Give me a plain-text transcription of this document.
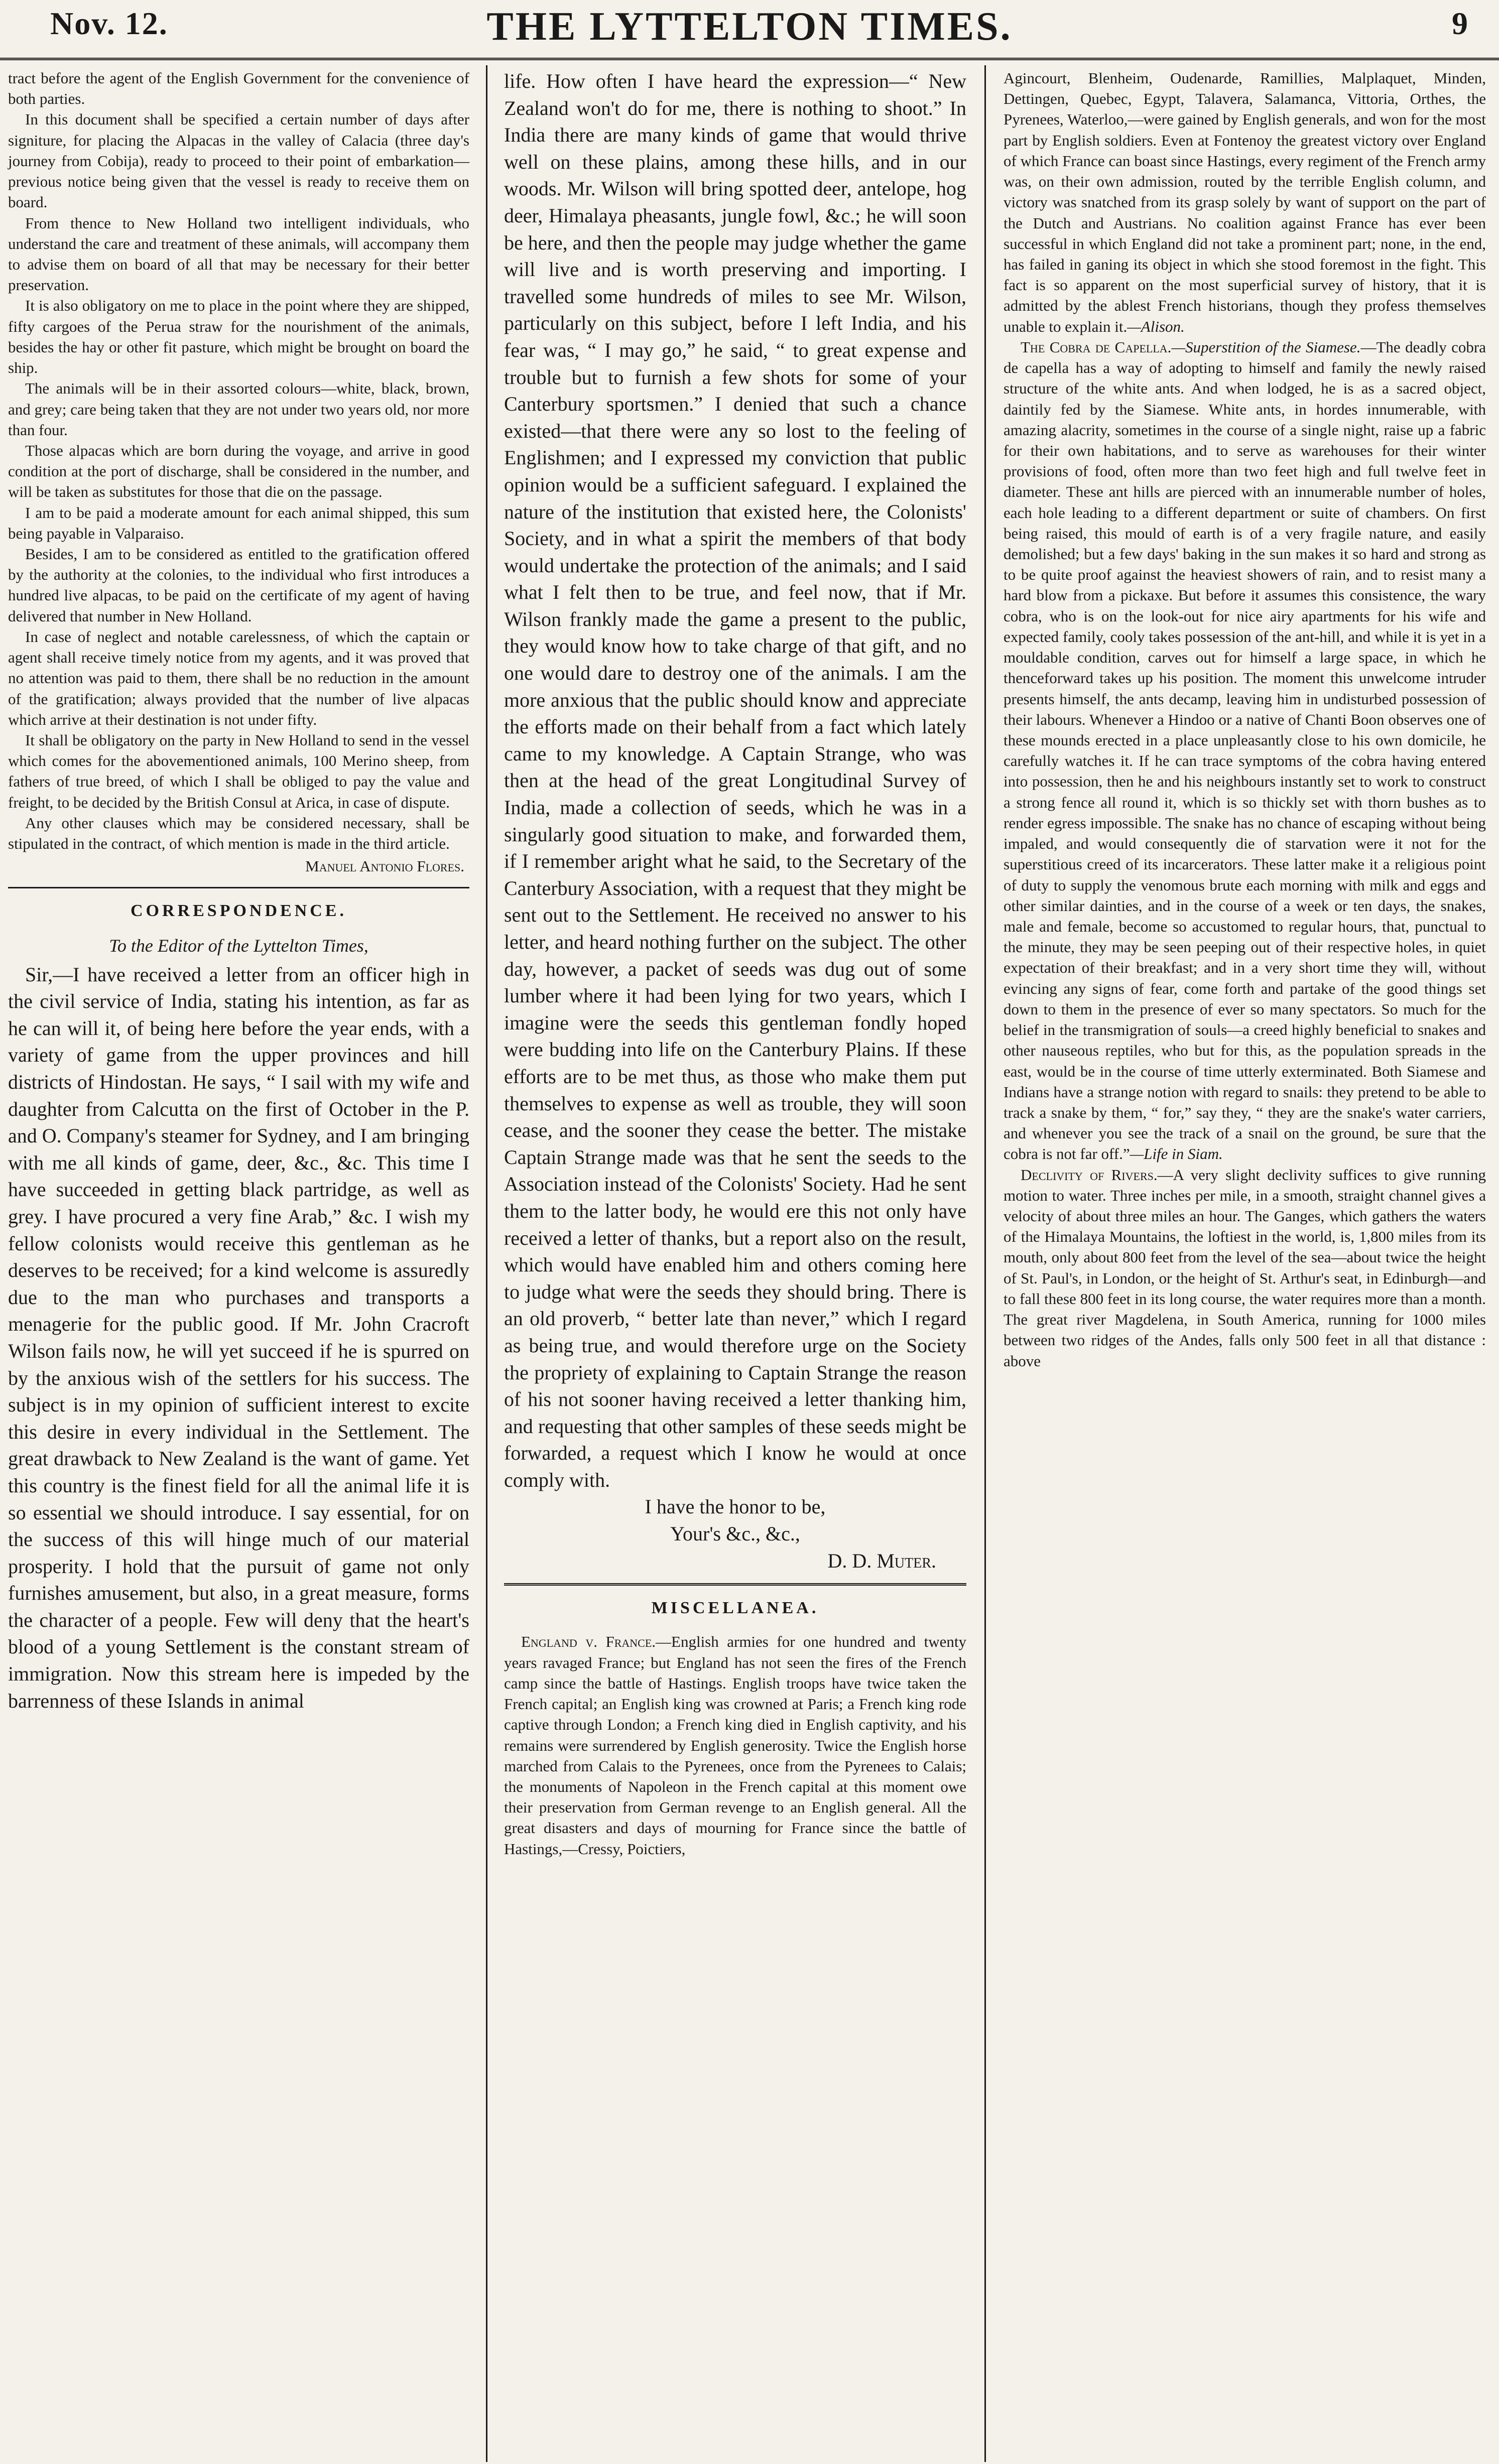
Nov. 12.	THE LYTTELTON TIMES.	9

tract before the agent of the English Government for the convenience of both parties.

In this document shall be specified a certain number of days after signiture, for placing the Alpacas in the valley of Calacia (three day's journey from Cobija), ready to proceed to their point of embarkation—previous notice being given that the vessel is ready to receive them on board.

From thence to New Holland two intelligent individuals, who understand the care and treatment of these animals, will accompany them to advise them on board of all that may be necessary for their better preservation.

It is also obligatory on me to place in the point where they are shipped, fifty cargoes of the Perua straw for the nourishment of the animals, besides the hay or other fit pasture, which might be brought on board the ship.

The animals will be in their assorted colours—white, black, brown, and grey; care being taken that they are not under two years old, nor more than four.

Those alpacas which are born during the voyage, and arrive in good condition at the port of discharge, shall be considered in the number, and will be taken as substitutes for those that die on the passage.

I am to be paid a moderate amount for each animal shipped, this sum being payable in Valparaiso.

Besides, I am to be considered as entitled to the gratification offered by the authority at the colonies, to the individual who first introduces a hundred live alpacas, to be paid on the certificate of my agent of having delivered that number in New Holland.

In case of neglect and notable carelessness, of which the captain or agent shall receive timely notice from my agents, and it was proved that no attention was paid to them, there shall be no reduction in the amount of the gratification; always provided that the number of live alpacas which arrive at their destination is not under fifty.

It shall be obligatory on the party in New Holland to send in the vessel which comes for the abovementioned animals, 100 Merino sheep, from fathers of true breed, of which I shall be obliged to pay the value and freight, to be decided by the British Consul at Arica, in case of dispute.

Any other clauses which may be considered necessary, shall be stipulated in the contract, of which mention is made in the third article.

Manuel Antonio Flores.

CORRESPONDENCE.

To the Editor of the Lyttelton Times,

Sir,—I have received a letter from an officer high in the civil service of India, stating his intention, as far as he can will it, of being here before the year ends, with a variety of game from the upper provinces and hill districts of Hindostan. He says, “ I sail with my wife and daughter from Calcutta on the first of October in the P. and O. Company's steamer for Sydney, and I am bringing with me all kinds of game, deer, &c., &c. This time I have succeeded in getting black partridge, as well as grey. I have procured a very fine Arab,” &c. I wish my fellow colonists would receive this gentleman as he deserves to be received; for a kind welcome is assuredly due to the man who purchases and transports a menagerie for the public good. If Mr. John Cracroft Wilson fails now, he will yet succeed if he is spurred on by the anxious wish of the settlers for his success. The subject is in my opinion of sufficient interest to excite this desire in every individual in the Settlement. The great drawback to New Zealand is the want of game. Yet this country is the finest field for all the animal life it is so essential we should introduce. I say essential, for on the success of this will hinge much of our material prosperity. I hold that the pursuit of game not only furnishes amusement, but also, in a great measure, forms the character of a people. Few will deny that the heart's blood of a young Settlement is the constant stream of immigration. Now this stream here is impeded by the barrenness of these Islands in animal

life. How often I have heard the expression—“ New Zealand won't do for me, there is nothing to shoot.” In India there are many kinds of game that would thrive well on these plains, among these hills, and in our woods. Mr. Wilson will bring spotted deer, antelope, hog deer, Himalaya pheasants, jungle fowl, &c.; he will soon be here, and then the people may judge whether the game will live and is worth preserving and importing. I travelled some hundreds of miles to see Mr. Wilson, particularly on this subject, before I left India, and his fear was, “ I may go,” he said, “ to great expense and trouble but to furnish a few shots for some of your Canterbury sportsmen.” I denied that such a chance existed—that there were any so lost to the feeling of Englishmen; and I expressed my conviction that public opinion would be a sufficient safeguard. I explained the nature of the institution that existed here, the Colonists' Society, and in what a spirit the members of that body would undertake the protection of the animals; and I said what I felt then to be true, and feel now, that if Mr. Wilson frankly made the game a present to the public, they would know how to take charge of that gift, and no one would dare to destroy one of the animals. I am the more anxious that the public should know and appreciate the efforts made on their behalf from a fact which lately came to my knowledge. A Captain Strange, who was then at the head of the great Longitudinal Survey of India, made a collection of seeds, which he was in a singularly good situation to make, and forwarded them, if I remember aright what he said, to the Secretary of the Canterbury Association, with a request that they might be sent out to the Settlement. He received no answer to his letter, and heard nothing further on the subject. The other day, however, a packet of seeds was dug out of some lumber where it had been lying for two years, which I imagine were the seeds this gentleman fondly hoped were budding into life on the Canterbury Plains. If these efforts are to be met thus, as those who make them put themselves to expense as well as trouble, they will soon cease, and the sooner they cease the better. The mistake Captain Strange made was that he sent the seeds to the Association instead of the Colonists' Society. Had he sent them to the latter body, he would ere this not only have received a letter of thanks, but a report also on the result, which would have enabled him and others coming here to judge what were the seeds they should bring. There is an old proverb, “ better late than never,” which I regard as being true, and would therefore urge on the Society the propriety of explaining to Captain Strange the reason of his not sooner having received a letter thanking him, and requesting that other samples of these seeds might be forwarded, a request which I know he would at once comply with.

I have the honor to be,

Your's &c., &c.,

D. D. Muter.

MISCELLANEA.

England v. France.—English armies for one hundred and twenty years ravaged France; but England has not seen the fires of the French camp since the battle of Hastings. English troops have twice taken the French capital; an English king was crowned at Paris; a French king rode captive through London; a French king died in English captivity, and his remains were surrendered by English generosity. Twice the English horse marched from Calais to the Pyrenees, once from the Pyrenees to Calais; the monuments of Napoleon in the French capital at this moment owe their preservation from German revenge to an English general. All the great disasters and days of mourning for France since the battle of Hastings,—Cressy, Poictiers,

Agincourt, Blenheim, Oudenarde, Ramillies, Malplaquet, Minden, Dettingen, Quebec, Egypt, Talavera, Salamanca, Vittoria, Orthes, the Pyrenees, Waterloo,—were gained by English generals, and won for the most part by English soldiers. Even at Fontenoy the greatest victory over England of which France can boast since Hastings, every regiment of the French army was, on their own admission, routed by the terrible English column, and victory was snatched from its grasp solely by want of support on the part of the Dutch and Austrians. No coalition against France has ever been successful in which England did not take a prominent part; none, in the end, has failed in ganing its object in which she stood foremost in the fight. This fact is so apparent on the most superficial survey of history, that it is admitted by the ablest French historians, though they profess themselves unable to explain it.—Alison.

The Cobra de Capella.—Superstition of the Siamese.—The deadly cobra de capella has a way of adopting to himself and family the newly raised structure of the white ants. And when lodged, he is as a sacred object, daintily fed by the Siamese. White ants, in hordes innumerable, with amazing alacrity, sometimes in the course of a single night, raise up a fabric for their own habitations, and to serve as warehouses for their winter provisions of food, often more than two feet high and full twelve feet in diameter. These ant hills are pierced with an innumerable number of holes, each hole leading to a different department or suite of chambers. On first being raised, this mould of earth is of a very fragile nature, and easily demolished; but a few days' baking in the sun makes it so hard and strong as to be quite proof against the heaviest showers of rain, and to resist many a hard blow from a pickaxe. But before it assumes this consistence, the wary cobra, who is on the look-out for nice airy apartments for his wife and expected family, cooly takes possession of the ant-hill, and while it is yet in a mouldable condition, carves out for himself a large space, in which he thenceforward takes up his position. The moment this unwelcome intruder presents himself, the ants decamp, leaving him in undisturbed possession of their labours. Whenever a Hindoo or a native of Chanti Boon observes one of these mounds erected in a place unpleasantly close to his own domicile, he carefully watches it. If he can trace symptoms of the cobra having entered into possession, then he and his neighbours instantly set to work to construct a strong fence all round it, which is so thickly set with thorn bushes as to render egress impossible. The snake has no chance of escaping without being impaled, and would consequently die of starvation were it not for the superstitious creed of its incarcerators. These latter make it a religious point of duty to supply the venomous brute each morning with milk and eggs and other similar dainties, and in the course of a week or ten days, the snakes, male and female, become so accustomed to regular hours, that, punctual to the minute, they may be seen peeping out of their respective holes, in quiet expectation of their breakfast; and in a very short time they will, without evincing any signs of fear, come forth and partake of the good things set down to them in the presence of ever so many spectators. So much for the belief in the transmigration of souls—a creed highly beneficial to snakes and other nauseous reptiles, who but for this, as the population spreads in the east, would be in the course of time utterly exterminated. Both Siamese and Indians have a strange notion with regard to snails: they pretend to be able to track a snake by them, “ for,” say they, “ they are the snake's water carriers, and whenever you see the track of a snail on the ground, be sure that the cobra is not far off.”—Life in Siam.

Declivity of Rivers.—A very slight declivity suffices to give running motion to water. Three inches per mile, in a smooth, straight channel gives a velocity of about three miles an hour. The Ganges, which gathers the waters of the Himalaya Mountains, the loftiest in the world, is, 1,800 miles from its mouth, only about 800 feet from the level of the sea—about twice the height of St. Paul's, in London, or the height of St. Arthur's seat, in Edinburgh—and to fall these 800 feet in its long course, the water requires more than a month. The great river Magdelena, in South America, running for 1000 miles between two ridges of the Andes, falls only 500 feet in all that distance : above
